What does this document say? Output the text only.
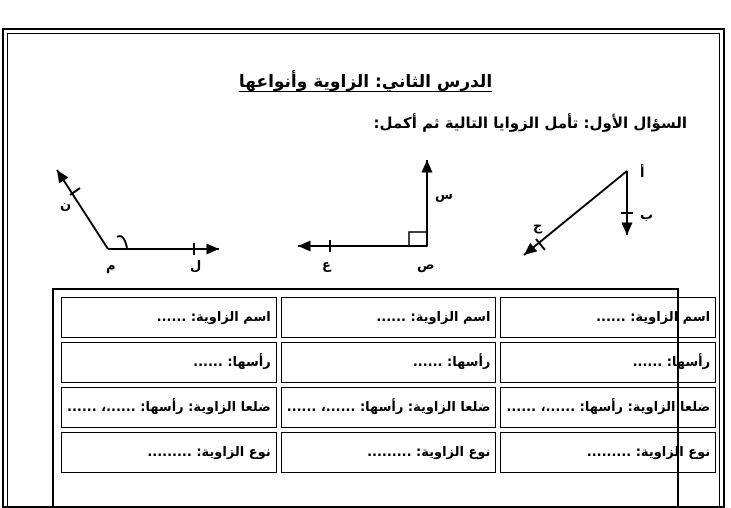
الدرس الثاني: الزاوية وأنواعها
السؤال الأول: تأمل الزوايا التالية ثم أكمل:
أ
ب
ج
س
ص
ع
ن
م	ل
اسم الزاوية: ......	اسم الزاوية: ......	اسم الزاوية: ......
رأسها: ......	رأسها: ......	رأسها: ......
ضلعا الزاوية: رأسها: ......، ......	ضلعا الزاوية: رأسها: ......، ......	ضلعا الزاوية: رأسها: ......، ......
نوع الزاوية: .........	نوع الزاوية: .........	نوع الزاوية: .........
